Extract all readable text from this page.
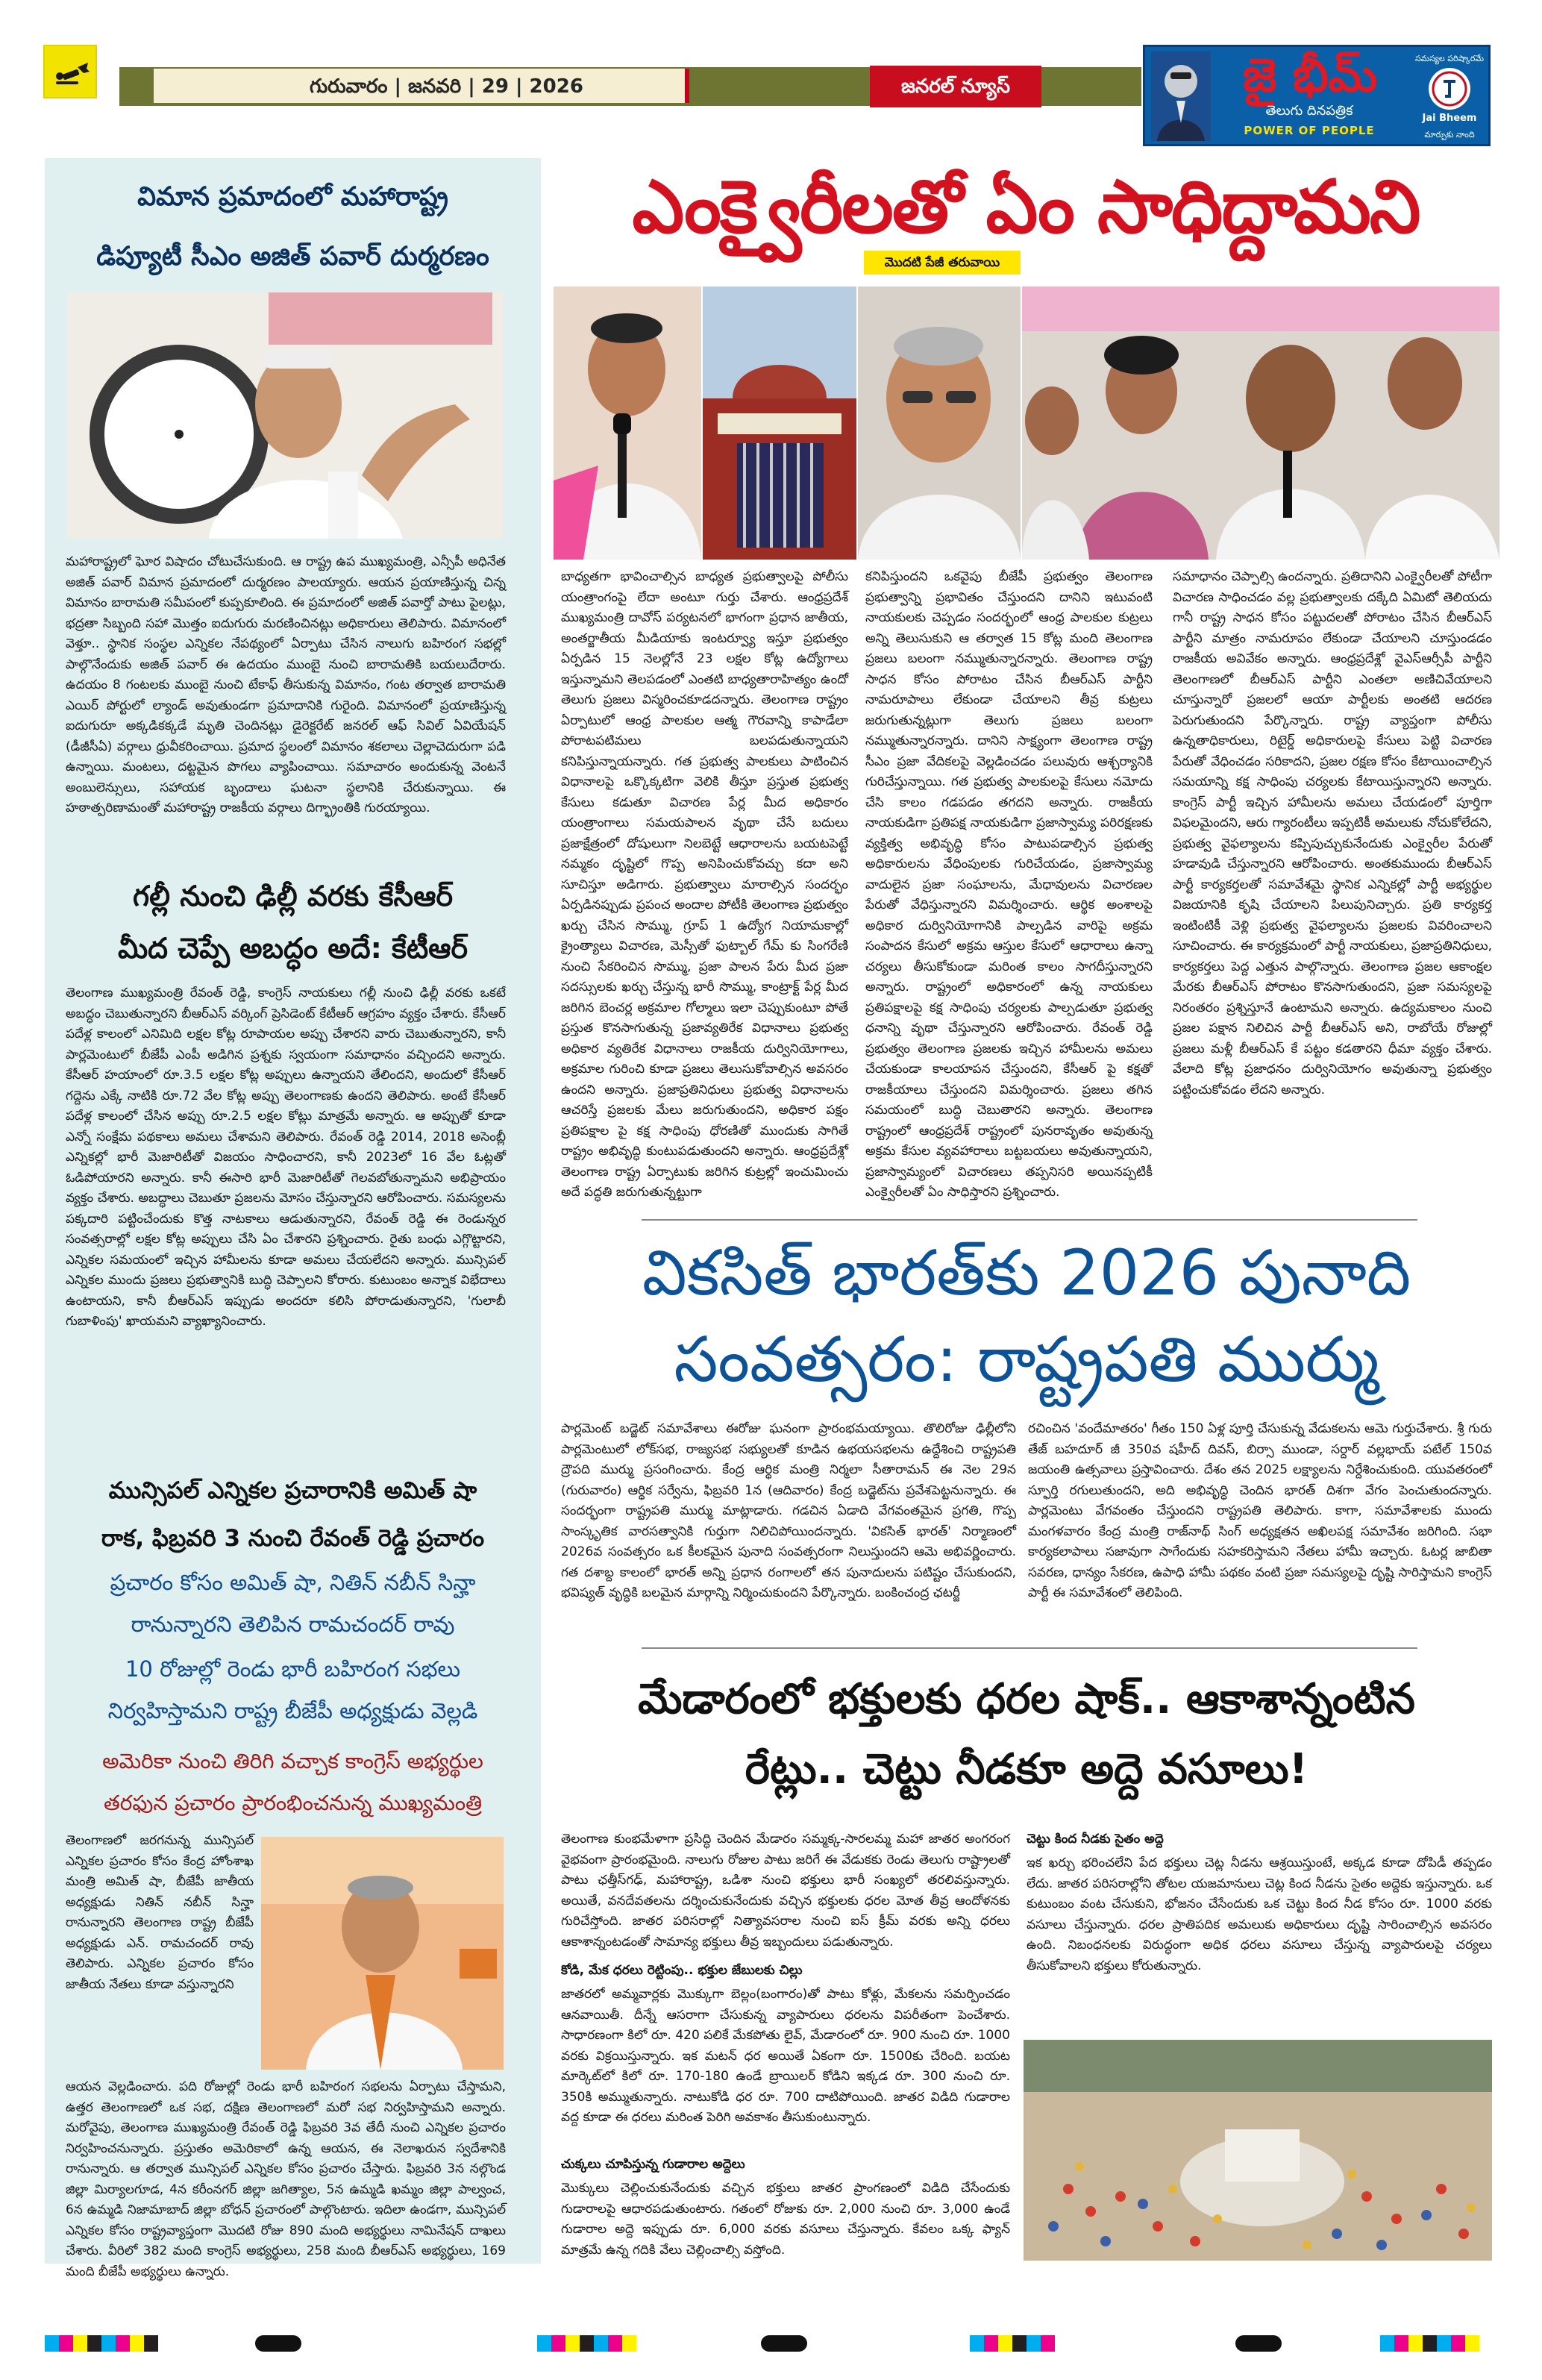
గురువారం | జనవరి | 29 | 2026	జనరల్ న్యూస్	జై భీమ్
తెలుగు దినపత్రిక
POWER OF PEOPLE
సమస్యల పరిష్కారమే
Jai Bheem
మార్పుకు నాంది
విమాన ప్రమాదంలో మహారాష్ట్ర
డిప్యూటీ సీఎం అజిత్ పవార్ దుర్మరణం
మహారాష్ట్రలో ఘోర విషాదం చోటుచేసుకుంది. ఆ రాష్ట్ర ఉప ముఖ్యమంత్రి, ఎన్సీపీ అధినేత అజిత్ పవార్ విమాన ప్రమాదంలో దుర్మరణం పాలయ్యారు. ఆయన ప్రయాణిస్తున్న చిన్న విమానం బారామతి సమీపంలో కుప్పకూలింది. ఈ ప్రమాదంలో అజిత్ పవార్తో పాటు పైలట్లు, భద్రతా సిబ్బంది సహా మొత్తం ఐదుగురు మరణించినట్లు అధికారులు తెలిపారు. విమానంలో వెళ్తూ.. స్థానిక సంస్థల ఎన్నికల నేపథ్యంలో ఏర్పాటు చేసిన నాలుగు బహిరంగ సభల్లో పాల్గొనేందుకు అజిత్ పవార్ ఈ ఉదయం ముంబై నుంచి బారామతికి బయలుదేరారు. ఉదయం 8 గంటలకు ముంబై నుంచి టేకాఫ్ తీసుకున్న విమానం, గంట తర్వాత బారామతి ఎయిర్ పోర్టులో ల్యాండ్ అవుతుండగా ప్రమాదానికి గురైంది. విమానంలో ప్రయాణిస్తున్న ఐదుగురూ అక్కడికక్కడే మృతి చెందినట్లు డైరెక్టరేట్ జనరల్ ఆఫ్ సివిల్ ఏవియేషన్ (డీజీసీఏ) వర్గాలు ధ్రువీకరించాయి. ప్రమాద స్థలంలో విమానం శకలాలు చెల్లాచెదురుగా పడి ఉన్నాయి. మంటలు, దట్టమైన పొగలు వ్యాపించాయి. సమాచారం అందుకున్న వెంటనే అంబులెన్సులు, సహాయక బృందాలు ఘటనా స్థలానికి చేరుకున్నాయి. ఈ హఠాత్పరిణామంతో మహారాష్ట్ర రాజకీయ వర్గాలు దిగ్భ్రాంతికి గురయ్యాయి.
గల్లీ నుంచి ఢిల్లీ వరకు కేసీఆర్
మీద చెప్పే అబద్ధం అదే: కేటీఆర్
తెలంగాణ ముఖ్యమంత్రి రేవంత్ రెడ్డి, కాంగ్రెస్ నాయకులు గల్లీ నుంచి ఢిల్లీ వరకు ఒకటే అబద్ధం చెబుతున్నారని బీఆర్ఎస్ వర్కింగ్ ప్రెసిడెంట్ కేటీఆర్ ఆగ్రహం వ్యక్తం చేశారు. కేసీఆర్ పదేళ్ల కాలంలో ఎనిమిది లక్షల కోట్ల రూపాయల అప్పు చేశారని వారు చెబుతున్నారని, కానీ పార్లమెంటులో బీజేపీ ఎంపీ అడిగిన ప్రశ్నకు స్వయంగా సమాధానం వచ్చిందని అన్నారు. కేసీఆర్ హయాంలో రూ.3.5 లక్షల కోట్ల అప్పులు ఉన్నాయని తేలిందని, అందులో కేసీఆర్ గద్దెను ఎక్కే నాటికి రూ.72 వేల కోట్ల అప్పు తెలంగాణకు ఉందని తెలిపారు. అంటే కేసీఆర్ పదేళ్ల కాలంలో చేసిన అప్పు రూ.2.5 లక్షల కోట్లు మాత్రమే అన్నారు. ఆ అప్పుతో కూడా ఎన్నో సంక్షేమ పథకాలు అమలు చేశామని తెలిపారు. రేవంత్ రెడ్డి 2014, 2018 అసెంబ్లీ ఎన్నికల్లో భారీ మెజారిటీతో విజయం సాధించారని, కానీ 2023లో 16 వేల ఓట్లతో ఓడిపోయారని అన్నారు. కానీ ఈసారి భారీ మెజారిటీతో గెలవబోతున్నామని అభిప్రాయం వ్యక్తం చేశారు. అబద్ధాలు చెబుతూ ప్రజలను మోసం చేస్తున్నారని ఆరోపించారు. సమస్యలను పక్కదారి పట్టించేందుకు కొత్త నాటకాలు ఆడుతున్నారని, రేవంత్ రెడ్డి ఈ రెండున్నర సంవత్సరాల్లో లక్షల కోట్ల అప్పులు చేసి ఏం చేశారని ప్రశ్నించారు. రైతు బంధు ఎగ్గొట్టారని, ఎన్నికల సమయంలో ఇచ్చిన హామీలను కూడా అమలు చేయలేదని అన్నారు. మున్సిపల్ ఎన్నికల ముందు ప్రజలు ప్రభుత్వానికి బుద్ధి చెప్పాలని కోరారు. కుటుంబం అన్నాక విభేదాలు ఉంటాయని, కానీ బీఆర్ఎస్ ఇప్పుడు అందరూ కలిసి పోరాడుతున్నారని, 'గులాబీ గుబాళింపు' ఖాయమని వ్యాఖ్యానించారు.
మున్సిపల్ ఎన్నికల ప్రచారానికి అమిత్ షా
రాక, ఫిబ్రవరి 3 నుంచి రేవంత్ రెడ్డి ప్రచారం
ప్రచారం కోసం అమిత్ షా, నితిన్ నబీన్ సిన్హా
రానున్నారని తెలిపిన రామచందర్ రావు
10 రోజుల్లో రెండు భారీ బహిరంగ సభలు
నిర్వహిస్తామని రాష్ట్ర బీజేపీ అధ్యక్షుడు వెల్లడి
అమెరికా నుంచి తిరిగి వచ్చాక కాంగ్రెస్ అభ్యర్థుల
తరఫున ప్రచారం ప్రారంభించనున్న ముఖ్యమంత్రి
తెలంగాణలో జరగనున్న మున్సిపల్ ఎన్నికల ప్రచారం కోసం కేంద్ర హోంశాఖ మంత్రి అమిత్ షా, బీజేపీ జాతీయ అధ్యక్షుడు నితిన్ నబీన్ సిన్హా రానున్నారని తెలంగాణ రాష్ట్ర బీజేపీ అధ్యక్షుడు ఎన్. రామచందర్ రావు తెలిపారు. ఎన్నికల ప్రచారం కోసం జాతీయ నేతలు కూడా వస్తున్నారని
ఆయన వెల్లడించారు. పది రోజుల్లో రెండు భారీ బహిరంగ సభలను ఏర్పాటు చేస్తామని, ఉత్తర తెలంగాణలో ఒక సభ, దక్షిణ తెలంగాణలో మరో సభ నిర్వహిస్తామని అన్నారు. మరోవైపు, తెలంగాణ ముఖ్యమంత్రి రేవంత్ రెడ్డి ఫిబ్రవరి 3వ తేదీ నుంచి ఎన్నికల ప్రచారం నిర్వహించనున్నారు. ప్రస్తుతం అమెరికాలో ఉన్న ఆయన, ఈ నెలాఖరున స్వదేశానికి రానున్నారు. ఆ తర్వాత మున్సిపల్ ఎన్నికల కోసం ప్రచారం చేస్తారు. ఫిబ్రవరి 3న నల్గొండ జిల్లా మిర్యాలగూడ, 4న కరీంనగర్ జిల్లా జగిత్యాల, 5న ఉమ్మడి ఖమ్మం జిల్లా పాల్వంచ, 6న ఉమ్మడి నిజామాబాద్ జిల్లా బోధన్ ప్రచారంలో పాల్గొంటారు. ఇదిలా ఉండగా, మున్సిపల్ ఎన్నికల కోసం రాష్ట్రవ్యాప్తంగా మొదటి రోజు 890 మంది అభ్యర్థులు నామినేషన్ దాఖలు చేశారు. వీరిలో 382 మంది కాంగ్రెస్ అభ్యర్థులు, 258 మంది బీఆర్ఎస్ అభ్యర్థులు, 169 మంది బీజేపీ అభ్యర్థులు ఉన్నారు.
ఎంక్వైరీలతో ఏం సాధిద్దామని
మొదటి పేజీ తరువాయి
బాధ్యతగా భావించాల్సిన బాధ్యత ప్రభుత్వాలపై పోలీసు యంత్రాంగంపై లేదా అంటూ గుర్తు చేశారు. ఆంధ్రప్రదేశ్ ముఖ్యమంత్రి దావోస్ పర్యటనలో భాగంగా ప్రధాన జాతీయ, అంతర్జాతీయ మీడియాకు ఇంటర్వ్యూ ఇస్తూ ప్రభుత్వం ఏర్పడిన 15 నెలల్లోనే 23 లక్షల కోట్ల ఉద్యోగాలు ఇస్తున్నామని తెలపడంలో ఎంతటి బాధ్యతారాహిత్యం ఉందో తెలుగు ప్రజలు విస్మరించకూడదన్నారు. తెలంగాణ రాష్ట్రం ఏర్పాటులో ఆంధ్ర పాలకుల ఆత్మ గౌరవాన్ని కాపాడేలా పోరాటపటిమలు బలపడుతున్నాయని కనిపిస్తున్నాయన్నారు. గత ప్రభుత్వ పాలకులు పాటించిన విధానాలపై ఒక్కొక్కటిగా వెలికి తీస్తూ ప్రస్తుత ప్రభుత్వ కేసులు కడుతూ విచారణ పేర్ల మీద అధికారం యంత్రాంగాలు సమయపాలన వృథా చేసే బదులు ప్రజాక్షేత్రంలో దోషులుగా నిలబెట్టే ఆధారాలను బయటపెట్టే నమ్మకం దృష్టిలో గొప్ప అనిపించుకోవచ్చు కదా అని సూచిస్తూ అడిగారు. ప్రభుత్వాలు మారాల్సిన సందర్భం ఏర్పడినప్పుడు ప్రపంచ అందాల పోటీకి తెలంగాణ ప్రభుత్వం ఖర్చు చేసిన సొమ్ము, గ్రూప్ 1 ఉద్యోగ నియామకాల్లో క్రైంత్యాలు విచారణ, మెస్సీతో ఫుట్బాల్ గేమ్ కు సింగరేణి నుంచి సేకరించిన సొమ్ము, ప్రజా పాలన పేరు మీద ప్రజా సదస్సులకు ఖర్చు చేస్తున్న భారీ సొమ్ము, కాంట్రాక్ట్ పేర్ల మీద జరిగిన బెంచర్ల అక్రమాల గోల్మాలు ఇలా చెప్పుకుంటూ పోతే ప్రస్తుత కొనసాగుతున్న ప్రజావ్యతిరేక విధానాలు ప్రభుత్వ అధికార వ్యతిరేక విధానాలు రాజకీయ దుర్వినియోగాలు, అక్రమాల గురించి కూడా ప్రజలు తెలుసుకోవాల్సిన అవసరం ఉందని అన్నారు. ప్రజాప్రతినిధులు ప్రభుత్వ విధానాలను ఆచరిస్తే ప్రజలకు మేలు జరుగుతుందని, అధికార పక్షం ప్రతిపక్షాల పై కక్ష సాధింపు ధోరణితో ముందుకు సాగితే రాష్ట్రం అభివృద్ధి కుంటుపడుతుందని అన్నారు. ఆంధ్రప్రదేశ్లో తెలంగాణ రాష్ట్ర ఏర్పాటుకు జరిగిన కుట్రల్లో ఇంచుమించు అదే పద్ధతి జరుగుతున్నట్టుగా
కనిపిస్తుందని ఒకవైపు బీజేపీ ప్రభుత్వం తెలంగాణ ప్రభుత్వాన్ని ప్రభావితం చేస్తుందని దానిని ఇటువంటి నాయకులకు చెప్పడం సందర్భంలో ఆంధ్ర పాలకుల కుట్రలు అన్ని తెలుసుకుని ఆ తర్వాత 15 కోట్ల మంది తెలంగాణ ప్రజలు బలంగా నమ్ముతున్నారన్నారు. తెలంగాణ రాష్ట్ర సాధన కోసం పోరాటం చేసిన బీఆర్ఎస్ పార్టీని నామరూపాలు లేకుండా చేయాలని తీవ్ర కుట్రలు జరుగుతున్నట్లుగా తెలుగు ప్రజలు బలంగా నమ్ముతున్నారన్నారు. దానిని సాక్ష్యంగా తెలంగాణ రాష్ట్ర సీఎం ప్రజా వేదికలపై వెల్లడించడం పలువురు ఆశ్చర్యానికి గురిచేస్తున్నాయి. గత ప్రభుత్వ పాలకులపై కేసులు నమోదు చేసి కాలం గడపడం తగదని అన్నారు. రాజకీయ నాయకుడిగా ప్రతిపక్ష నాయకుడిగా ప్రజాస్వామ్య పరిరక్షణకు వ్యక్తిత్వ అభివృద్ధి కోసం పాటుపడాల్సిన ప్రభుత్వ అధికారులను వేధింపులకు గురిచేయడం, ప్రజాస్వామ్య వాదులైన ప్రజా సంఘాలను, మేధావులను విచారణల పేరుతో వేధిస్తున్నారని విమర్శించారు. ఆర్థిక అంశాలపై అధికార దుర్వినియోగానికి పాల్పడిన వారిపై అక్రమ సంపాదన కేసులో అక్రమ ఆస్తుల కేసులో ఆధారాలు ఉన్నా చర్యలు తీసుకోకుండా మరింత కాలం సాగదీస్తున్నారని అన్నారు. రాష్ట్రంలో అధికారంలో ఉన్న నాయకులు ప్రతిపక్షాలపై కక్ష సాధింపు చర్యలకు పాల్పడుతూ ప్రభుత్వ ధనాన్ని వృథా చేస్తున్నారని ఆరోపించారు. రేవంత్ రెడ్డి ప్రభుత్వం తెలంగాణ ప్రజలకు ఇచ్చిన హామీలను అమలు చేయకుండా కాలయాపన చేస్తుందని, కేసీఆర్ పై కక్షతో రాజకీయాలు చేస్తుందని విమర్శించారు. ప్రజలు తగిన సమయంలో బుద్ధి చెబుతారని అన్నారు. తెలంగాణ రాష్ట్రంలో ఆంధ్రప్రదేశ్ రాష్ట్రంలో పునరావృతం అవుతున్న అక్రమ కేసుల వ్యవహారాలు బట్టబయలు అవుతున్నాయని, ప్రజాస్వామ్యంలో విచారణలు తప్పనిసరి అయినప్పటికీ ఎంక్వైరీలతో ఏం సాధిస్తారని ప్రశ్నించారు.
సమాధానం చెప్పాల్సి ఉందన్నారు. ప్రతిదానిని ఎంక్వైరీలతో పోటీగా విచారణ సాధించడం వల్ల ప్రభుత్వాలకు దక్కేది ఏమిటో తెలియదు గానీ రాష్ట్ర సాధన కోసం పట్టుదలతో పోరాటం చేసిన బీఆర్ఎస్ పార్టీని మాత్రం నామరూపం లేకుండా చేయాలని చూస్తుండడం రాజకీయ అవివేకం అన్నారు. ఆంధ్రప్రదేశ్లో వైఎస్ఆర్సీపీ పార్టీని తెలంగాణలో బీఆర్ఎస్ పార్టీని ఎంతలా అణిచివేయాలని చూస్తున్నారో ప్రజలలో ఆయా పార్టీలకు అంతటి ఆదరణ పెరుగుతుందని పేర్కొన్నారు. రాష్ట్ర వ్యాప్తంగా పోలీసు ఉన్నతాధికారులు, రిటైర్డ్ అధికారులపై కేసులు పెట్టి విచారణ పేరుతో వేధించడం సరికాదని, ప్రజల రక్షణ కోసం కేటాయించాల్సిన సమయాన్ని కక్ష సాధింపు చర్యలకు కేటాయిస్తున్నారని అన్నారు. కాంగ్రెస్ పార్టీ ఇచ్చిన హామీలను అమలు చేయడంలో పూర్తిగా విఫలమైందని, ఆరు గ్యారంటీలు ఇప్పటికీ అమలుకు నోచుకోలేదని, ప్రభుత్వ వైఫల్యాలను కప్పిపుచ్చుకునేందుకు ఎంక్వైరీల పేరుతో హడావుడి చేస్తున్నారని ఆరోపించారు. అంతకుముందు బీఆర్ఎస్ పార్టీ కార్యకర్తలతో సమావేశమై స్థానిక ఎన్నికల్లో పార్టీ అభ్యర్థుల విజయానికి కృషి చేయాలని పిలుపునిచ్చారు. ప్రతి కార్యకర్త ఇంటింటికీ వెళ్లి ప్రభుత్వ వైఫల్యాలను ప్రజలకు వివరించాలని సూచించారు. ఈ కార్యక్రమంలో పార్టీ నాయకులు, ప్రజాప్రతినిధులు, కార్యకర్తలు పెద్ద ఎత్తున పాల్గొన్నారు. తెలంగాణ ప్రజల ఆకాంక్షల మేరకు బీఆర్ఎస్ పోరాటం కొనసాగుతుందని, ప్రజా సమస్యలపై నిరంతరం ప్రశ్నిస్తూనే ఉంటామని అన్నారు. ఉద్యమకాలం నుంచి ప్రజల పక్షాన నిలిచిన పార్టీ బీఆర్ఎస్ అని, రాబోయే రోజుల్లో ప్రజలు మళ్లీ బీఆర్ఎస్ కే పట్టం కడతారని ధీమా వ్యక్తం చేశారు. వేలాది కోట్ల ప్రజాధనం దుర్వినియోగం అవుతున్నా ప్రభుత్వం పట్టించుకోవడం లేదని అన్నారు.
వికసిత్ భారత్‌కు 2026 పునాది
సంవత్సరం: రాష్ట్రపతి ముర్ము
పార్లమెంట్ బడ్జెట్ సమావేశాలు ఈరోజు ఘనంగా ప్రారంభమయ్యాయి. తొలిరోజు ఢిల్లీలోని పార్లమెంటులో లోక్‌సభ, రాజ్యసభ సభ్యులతో కూడిన ఉభయసభలను ఉద్దేశించి రాష్ట్రపతి ద్రౌపది ముర్ము ప్రసంగించారు. కేంద్ర ఆర్థిక మంత్రి నిర్మలా సీతారామన్ ఈ నెల 29న (గురువారం) ఆర్థిక సర్వేను, ఫిబ్రవరి 1న (ఆదివారం) కేంద్ర బడ్జెట్‌ను ప్రవేశపెట్టనున్నారు. ఈ సందర్భంగా రాష్ట్రపతి ముర్ము మాట్లాడారు. గడచిన ఏడాది వేగవంతమైన ప్రగతి, గొప్ప సాంస్కృతిక వారసత్వానికి గుర్తుగా నిలిచిపోయిందన్నారు. 'వికసిత్ భారత్' నిర్మాణంలో 2026వ సంవత్సరం ఒక కీలకమైన పునాది సంవత్సరంగా నిలుస్తుందని ఆమె అభివర్ణించారు. గత దశాబ్ద కాలంలో భారత్ అన్ని ప్రధాన రంగాలలో తన పునాదులను పటిష్టం చేసుకుందని, భవిష్యత్ వృద్ధికి బలమైన మార్గాన్ని నిర్మించుకుందని పేర్కొన్నారు. బంకించంద్ర ఛటర్జీ
రచించిన 'వందేమాతరం' గీతం 150 ఏళ్ల పూర్తి చేసుకున్న వేడుకలను ఆమె గుర్తుచేశారు. శ్రీ గురు తేజ్ బహదూర్ జీ 350వ షహీద్ దివస్, బిర్సా ముండా, సర్దార్ వల్లభాయ్ పటేల్ 150వ జయంతి ఉత్సవాలు ప్రస్తావించారు. దేశం తన 2025 లక్ష్యాలను నిర్దేశించుకుంది. యువతరంలో స్ఫూర్తి రగులుతుందని, అది అభివృద్ధి చెందిన భారత్ దిశగా వేగం పెంచుతుందన్నారు. పార్లమెంటు వేగవంతం చేస్తుందని రాష్ట్రపతి తెలిపారు. కాగా, సమావేశాలకు ముందు మంగళవారం కేంద్ర మంత్రి రాజ్‌నాథ్ సింగ్ అధ్యక్షతన అఖిలపక్ష సమావేశం జరిగింది. సభా కార్యకలాపాలు సజావుగా సాగేందుకు సహకరిస్తామని నేతలు హామీ ఇచ్చారు. ఓటర్ల జాబితా సవరణ, ధాన్యం సేకరణ, ఉపాధి హామీ పథకం వంటి ప్రజా సమస్యలపై దృష్టి సారిస్తామని కాంగ్రెస్ పార్టీ ఈ సమావేశంలో తెలిపింది.
మేడారంలో భక్తులకు ధరల షాక్.. ఆకాశాన్నంటిన
రేట్లు.. చెట్టు నీడకూ అద్దె వసూలు!
తెలంగాణ కుంభమేళాగా ప్రసిద్ధి చెందిన మేడారం సమ్మక్క-సారలమ్మ మహా జాతర అంగరంగ వైభవంగా ప్రారంభమైంది. నాలుగు రోజుల పాటు జరిగే ఈ వేడుకకు రెండు తెలుగు రాష్ట్రాలతో పాటు ఛత్తీస్‌గఢ్, మహారాష్ట్ర, ఒడిశా నుంచి భక్తులు భారీ సంఖ్యలో తరలివస్తున్నారు. అయితే, వనదేవతలను దర్శించుకునేందుకు వచ్చిన భక్తులకు ధరల మోత తీవ్ర ఆందోళనకు గురిచేస్తోంది. జాతర పరిసరాల్లో నిత్యావసరాల నుంచి ఐస్ క్రీమ్ వరకు అన్ని ధరలు ఆకాశాన్నంటడంతో సామాన్య భక్తులు తీవ్ర ఇబ్బందులు పడుతున్నారు.
కోడి, మేక ధరలు రెట్టింపు.. భక్తుల జేబులకు చిల్లు
జాతరలో అమ్మవార్లకు మొక్కుగా బెల్లం(బంగారం)తో పాటు కోళ్లు, మేకలను సమర్పించడం ఆనవాయితీ. దీన్నే ఆసరాగా చేసుకున్న వ్యాపారులు ధరలను విపరీతంగా పెంచేశారు. సాధారణంగా కిలో రూ. 420 పలికే మేకపోతు లైవ్, మేడారంలో రూ. 900 నుంచి రూ. 1000 వరకు విక్రయిస్తున్నారు. ఇక మటన్ ధర అయితే ఏకంగా రూ. 1500కు చేరింది. బయట మార్కెట్‌లో కిలో రూ. 170-180 ఉండే బ్రాయిలర్ కోడిని ఇక్కడ రూ. 300 నుంచి రూ. 350కి అమ్ముతున్నారు. నాటుకోడి ధర రూ. 700 దాటిపోయింది. జాతర విడిది గుడారాల వద్ద కూడా ఈ ధరలు మరింత పెరిగి అవకాశం తీసుకుంటున్నారు.
చుక్కలు చూపిస్తున్న గుడారాల అద్దెలు
మొక్కులు చెల్లించుకునేందుకు వచ్చిన భక్తులు జాతర ప్రాంగణంలో విడిది చేసేందుకు గుడారాలపై ఆధారపడుతుంటారు. గతంలో రోజుకు రూ. 2,000 నుంచి రూ. 3,000 ఉండే గుడారాల అద్దె ఇప్పుడు రూ. 6,000 వరకు వసూలు చేస్తున్నారు. కేవలం ఒక్క ఫ్యాన్ మాత్రమే ఉన్న గదికి వేలు చెల్లించాల్సి వస్తోంది.
చెట్టు కింద నీడకు సైతం అద్దె
ఇక ఖర్చు భరించలేని పేద భక్తులు చెట్ల నీడను ఆశ్రయిస్తుంటే, అక్కడ కూడా దోపిడీ తప్పడం లేదు. జాతర పరిసరాల్లోని తోటల యజమానులు చెట్ల కింద నీడను సైతం అద్దెకు ఇస్తున్నారు. ఒక కుటుంబం వంట చేసుకుని, భోజనం చేసేందుకు ఒక చెట్టు కింద నీడ కోసం రూ. 1000 వరకు వసూలు చేస్తున్నారు. ధరల ప్రాతిపదిక అమలుకు అధికారులు దృష్టి సారించాల్సిన అవసరం ఉంది. నిబంధనలకు విరుద్ధంగా అధిక ధరలు వసూలు చేస్తున్న వ్యాపారులపై చర్యలు తీసుకోవాలని భక్తులు కోరుతున్నారు.
